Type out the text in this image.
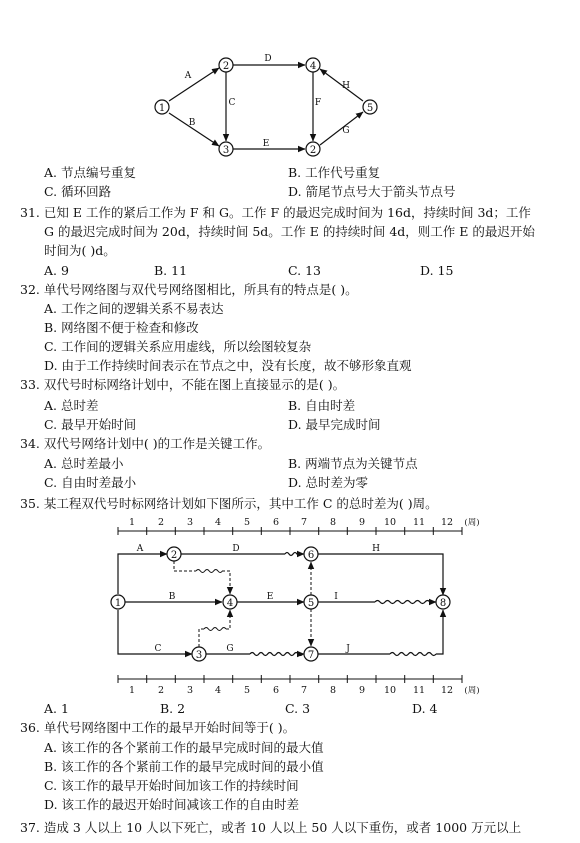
1
2
3
4
2
5
A
B
C
D
E
F
G
H
A. 节点编号重复	B. 工作代号重复
C. 循环回路	D. 箭尾节点号大于箭头节点号
31. 已知 E 工作的紧后工作为 F 和 G。工作 F 的最迟完成时间为 16d，持续时间 3d；工作
G 的最迟完成时间为 20d，持续时间 5d。工作 E 的持续时间 4d，则工作 E 的最迟开始
时间为( )d。
A. 9	B. 11	C. 13	D. 15
32. 单代号网络图与双代号网络图相比，所具有的特点是( )。
A. 工作之间的逻辑关系不易表达
B. 网络图不便于检查和修改
C. 工作间的逻辑关系应用虚线，所以绘图较复杂
D. 由于工作持续时间表示在节点之中，没有长度，故不够形象直观
33. 双代号时标网络计划中，不能在图上直接显示的是( )。
A. 总时差	B. 自由时差
C. 最早开始时间	D. 最早完成时间
34. 双代号网络计划中( )的工作是关键工作。
A. 总时差最小	B. 两端节点为关键节点
C. 自由时差最小	D. 总时差为零
35. 某工程双代号时标网络计划如下图所示，其中工作 C 的总时差为( )周。
1 2 3 4 5 6 7 8 9 10 11 12 (周)
1 2 3 4 5 6 7 8 9 10 11 12 (周)
1
2
3
4	5
6
7
8
A
B
C
D
E
G
H
I
J
A. 1	B. 2	C. 3	D. 4
36. 单代号网络图中工作的最早开始时间等于( )。
A. 该工作的各个紧前工作的最早完成时间的最大值
B. 该工作的各个紧前工作的最早完成时间的最小值
C. 该工作的最早开始时间加该工作的持续时间
D. 该工作的最迟开始时间减该工作的自由时差
37. 造成 3 人以上 10 人以下死亡，或者 10 人以上 50 人以下重伤，或者 1000 万元以上
